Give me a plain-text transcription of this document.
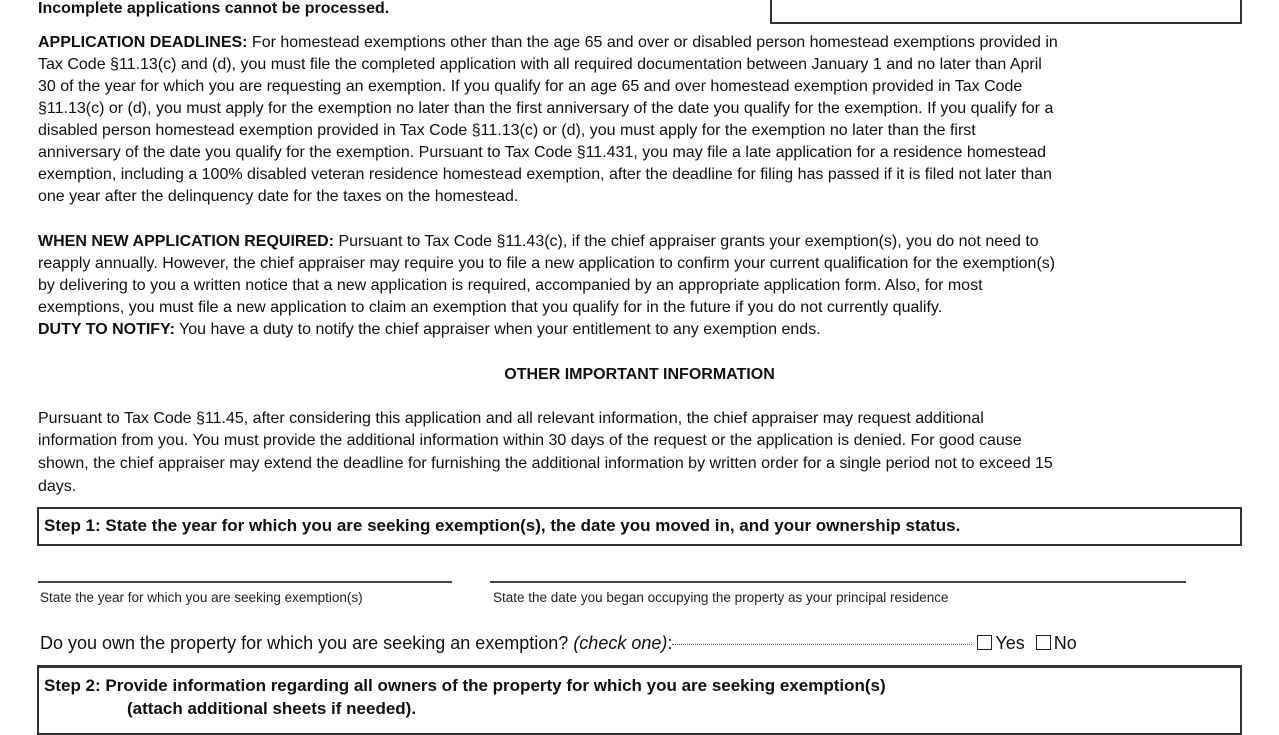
Incomplete applications cannot be processed.
APPLICATION DEADLINES: For homestead exemptions other than the age 65 and over or disabled person homestead exemptions provided in
Tax Code §11.13(c) and (d), you must file the completed application with all required documentation between January 1 and no later than April
30 of the year for which you are requesting an exemption. If you qualify for an age 65 and over homestead exemption provided in Tax Code
§11.13(c) or (d), you must apply for the exemption no later than the first anniversary of the date you qualify for the exemption. If you qualify for a
disabled person homestead exemption provided in Tax Code §11.13(c) or (d), you must apply for the exemption no later than the first
anniversary of the date you qualify for the exemption. Pursuant to Tax Code §11.431, you may file a late application for a residence homestead
exemption, including a 100% disabled veteran residence homestead exemption, after the deadline for filing has passed if it is filed not later than
one year after the delinquency date for the taxes on the homestead.
WHEN NEW APPLICATION REQUIRED: Pursuant to Tax Code §11.43(c), if the chief appraiser grants your exemption(s), you do not need to
reapply annually. However, the chief appraiser may require you to file a new application to confirm your current qualification for the exemption(s)
by delivering to you a written notice that a new application is required, accompanied by an appropriate application form. Also, for most
exemptions, you must file a new application to claim an exemption that you qualify for in the future if you do not currently qualify.
DUTY TO NOTIFY: You have a duty to notify the chief appraiser when your entitlement to any exemption ends.
OTHER IMPORTANT INFORMATION
Pursuant to Tax Code §11.45, after considering this application and all relevant information, the chief appraiser may request additional
information from you. You must provide the additional information within 30 days of the request or the application is denied. For good cause
shown, the chief appraiser may extend the deadline for furnishing the additional information by written order for a single period not to exceed 15
days.
Step 1: State the year for which you are seeking exemption(s), the date you moved in, and your ownership status.
State the year for which you are seeking exemption(s)	State the date you began occupying the property as your principal residence
Do you own the property for which you are seeking an exemption? (check one):	Yes No
Step 2: Provide information regarding all owners of the property for which you are seeking exemption(s)
(attach additional sheets if needed).
